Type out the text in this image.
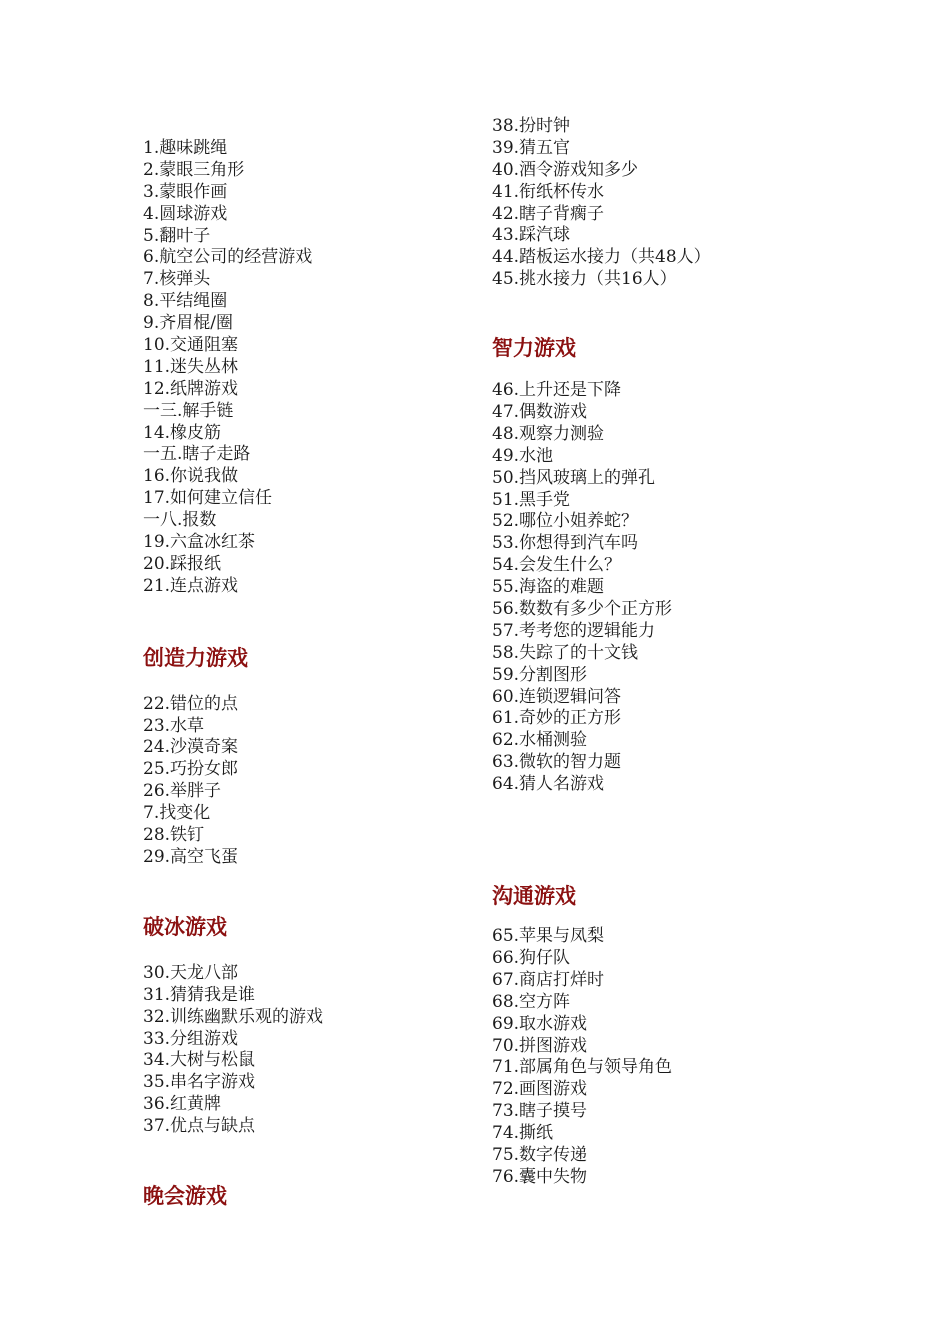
1.趣味跳绳
2.蒙眼三角形
3.蒙眼作画
4.圆球游戏
5.翻叶子
6.航空公司的经营游戏
7.核弹头
8.平结绳圈
9.齐眉棍/圈
10.交通阻塞
11.迷失丛林
12.纸牌游戏
一三.解手链
14.橡皮筋
一五.瞎子走路
16.你说我做
17.如何建立信任
一八.报数
19.六盒冰红茶
20.踩报纸
21.连点游戏
创造力游戏
22.错位的点
23.水草
24.沙漠奇案
25.巧扮女郎
26.举胖子
7.找变化
28.铁钉
29.高空飞蛋
破冰游戏
30.天龙八部
31.猜猜我是谁
32.训练幽默乐观的游戏
33.分组游戏
34.大树与松鼠
35.串名字游戏
36.红黄牌
37.优点与缺点
晚会游戏
38.扮时钟
39.猜五官
40.酒令游戏知多少
41.衔纸杯传水
42.瞎子背瘸子
43.踩汽球
44.踏板运水接力（共48人）
45.挑水接力（共16人）
智力游戏
46.上升还是下降
47.偶数游戏
48.观察力测验
49.水池
50.挡风玻璃上的弹孔
51.黑手党
52.哪位小姐养蛇？
53.你想得到汽车吗
54.会发生什么？
55.海盗的难题
56.数数有多少个正方形
57.考考您的逻辑能力
58.失踪了的十文钱
59.分割图形
60.连锁逻辑问答
61.奇妙的正方形
62.水桶测验
63.微软的智力题
64.猜人名游戏
沟通游戏
65.苹果与凤梨
66.狗仔队
67.商店打烊时
68.空方阵
69.取水游戏
70.拼图游戏
71.部属角色与领导角色
72.画图游戏
73.瞎子摸号
74.撕纸
75.数字传递
76.囊中失物
